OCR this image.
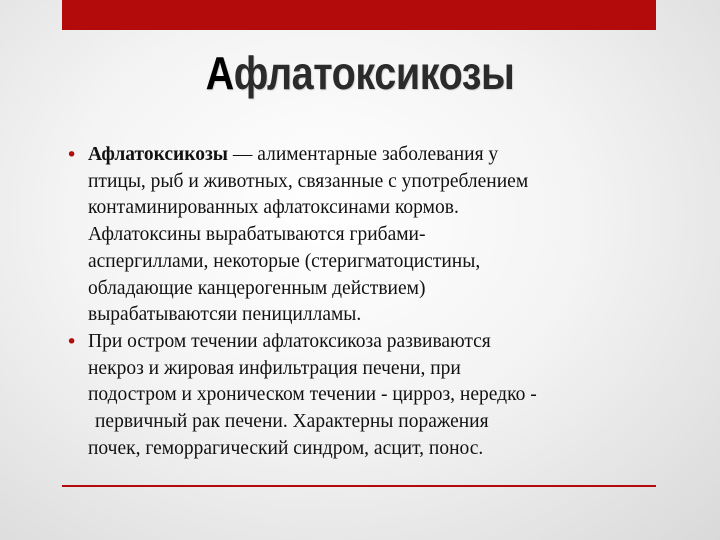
Афлатоксикозы

• Афлатоксикозы — алиментарные заболевания у
птицы, рыб и животных, связанные с употреблением
контаминированных афлатоксинами кормов.
Афлатоксины вырабатываются грибами-
аспергиллами, некоторые (стеригматоцистины,
обладающие канцерогенным действием)
вырабатываютсяи пеницилламы.

• При остром течении афлатоксикоза развиваются
некроз и жировая инфильтрация печени, при
подостром и хроническом течении - цирроз, нередко -
первичный рак печени. Характерны поражения
почек, геморрагический синдром, асцит, понос.
